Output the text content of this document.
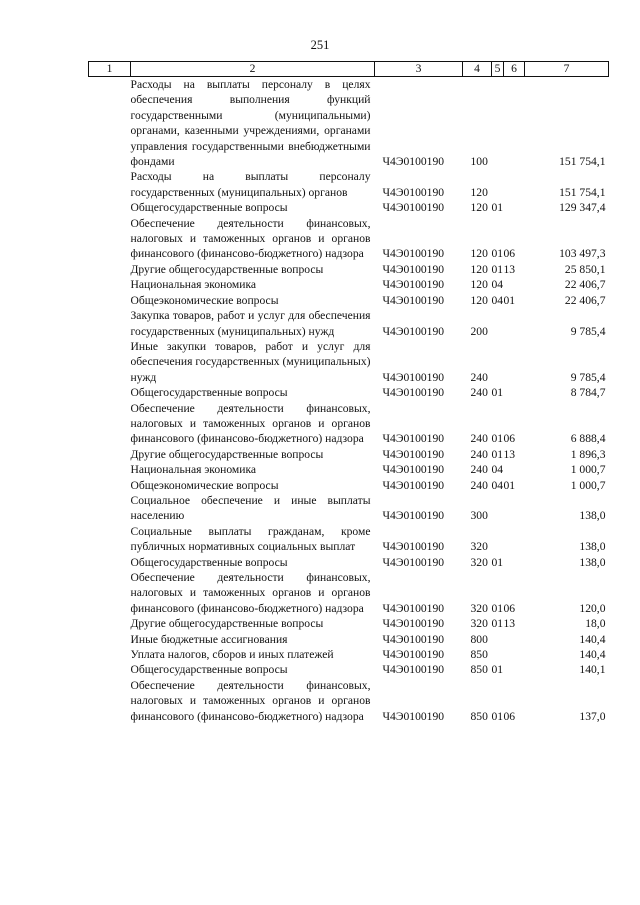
251
1	2	3	4	5	6	7
	Расходы на выплаты персоналу в целях обеспечения выполнения функций государственными (муниципальными) органами, казенными учреждениями, органами управления государственными внебюджетными фондами	Ч4Э0100190	100			151 754,1
	Расходы на выплаты персоналу государственных (муниципальных) органов	Ч4Э0100190	120			151 754,1
	Общегосударственные вопросы	Ч4Э0100190	120	01		129 347,4
	Обеспечение деятельности финансовых, налоговых и таможенных органов и органов финансового (финансово-бюджетного) надзора	Ч4Э0100190	120	01	06	103 497,3
	Другие общегосударственные вопросы	Ч4Э0100190	120	01	13	25 850,1
	Национальная экономика	Ч4Э0100190	120	04		22 406,7
	Общеэкономические вопросы	Ч4Э0100190	120	04	01	22 406,7
	Закупка товаров, работ и услуг для обеспечения государственных (муниципальных) нужд	Ч4Э0100190	200			9 785,4
	Иные закупки товаров, работ и услуг для обеспечения государственных (муниципальных) нужд	Ч4Э0100190	240			9 785,4
	Общегосударственные вопросы	Ч4Э0100190	240	01		8 784,7
	Обеспечение деятельности финансовых, налоговых и таможенных органов и органов финансового (финансово-бюджетного) надзора	Ч4Э0100190	240	01	06	6 888,4
	Другие общегосударственные вопросы	Ч4Э0100190	240	01	13	1 896,3
	Национальная экономика	Ч4Э0100190	240	04		1 000,7
	Общеэкономические вопросы	Ч4Э0100190	240	04	01	1 000,7
	Социальное обеспечение и иные выплаты населению	Ч4Э0100190	300			138,0
	Социальные выплаты гражданам, кроме публичных нормативных социальных выплат	Ч4Э0100190	320			138,0
	Общегосударственные вопросы	Ч4Э0100190	320	01		138,0
	Обеспечение деятельности финансовых, налоговых и таможенных органов и органов финансового (финансово-бюджетного) надзора	Ч4Э0100190	320	01	06	120,0
	Другие общегосударственные вопросы	Ч4Э0100190	320	01	13	18,0
	Иные бюджетные ассигнования	Ч4Э0100190	800			140,4
	Уплата налогов, сборов и иных платежей	Ч4Э0100190	850			140,4
	Общегосударственные вопросы	Ч4Э0100190	850	01		140,1
	Обеспечение деятельности финансовых, налоговых и таможенных органов и органов финансового (финансово-бюджетного) надзора	Ч4Э0100190	850	01	06	137,0
